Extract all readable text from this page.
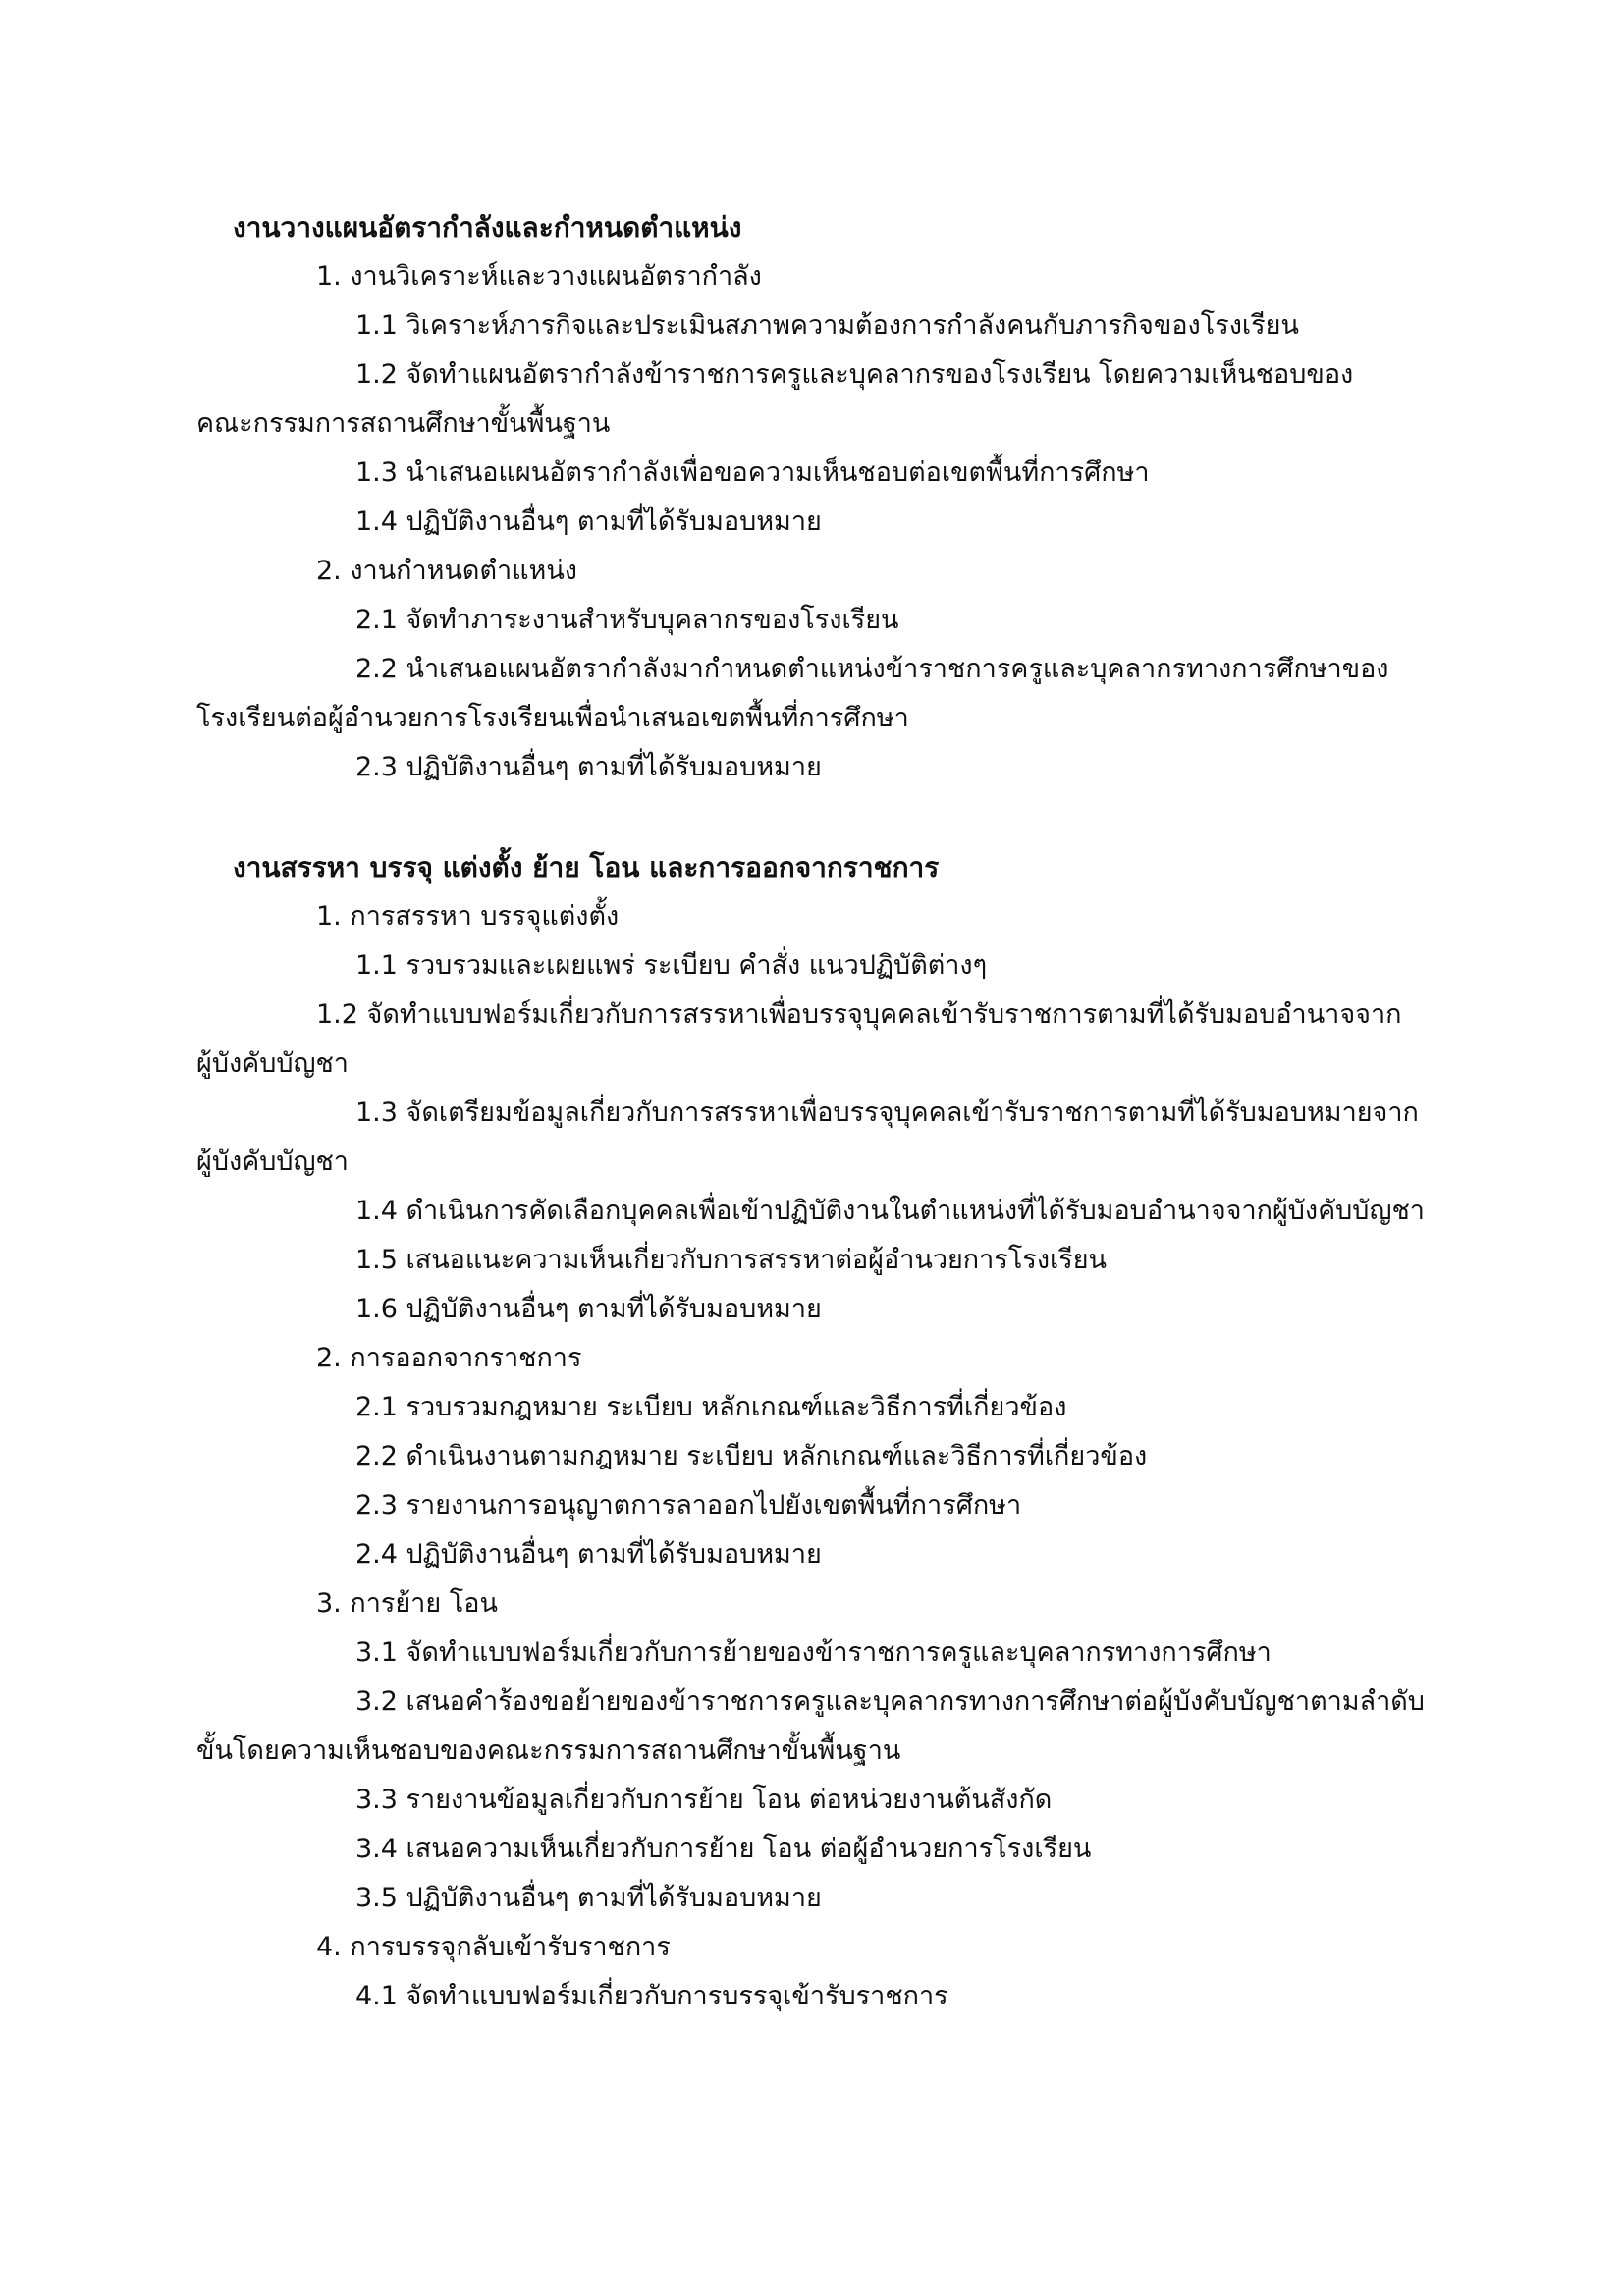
งานวางแผนอัตรากำลังและกำหนดตำแหน่ง
1. งานวิเคราะห์และวางแผนอัตรากำลัง
1.1 วิเคราะห์ภารกิจและประเมินสภาพความต้องการกำลังคนกับภารกิจของโรงเรียน
1.2 จัดทำแผนอัตรากำลังข้าราชการครูและบุคลากรของโรงเรียน โดยความเห็นชอบของ
คณะกรรมการสถานศึกษาขั้นพื้นฐาน
1.3 นำเสนอแผนอัตรากำลังเพื่อขอความเห็นชอบต่อเขตพื้นที่การศึกษา
1.4 ปฏิบัติงานอื่นๆ ตามที่ได้รับมอบหมาย
2. งานกำหนดตำแหน่ง
2.1 จัดทำภาระงานสำหรับบุคลากรของโรงเรียน
2.2 นำเสนอแผนอัตรากำลังมากำหนดตำแหน่งข้าราชการครูและบุคลากรทางการศึกษาของ
โรงเรียนต่อผู้อำนวยการโรงเรียนเพื่อนำเสนอเขตพื้นที่การศึกษา
2.3 ปฏิบัติงานอื่นๆ ตามที่ได้รับมอบหมาย
งานสรรหา บรรจุ แต่งตั้ง ย้าย โอน และการออกจากราชการ
1. การสรรหา บรรจุแต่งตั้ง
1.1 รวบรวมและเผยแพร่ ระเบียบ คำสั่ง แนวปฏิบัติต่างๆ
1.2 จัดทำแบบฟอร์มเกี่ยวกับการสรรหาเพื่อบรรจุบุคคลเข้ารับราชการตามที่ได้รับมอบอำนาจจาก
ผู้บังคับบัญชา
1.3 จัดเตรียมข้อมูลเกี่ยวกับการสรรหาเพื่อบรรจุบุคคลเข้ารับราชการตามที่ได้รับมอบหมายจาก
ผู้บังคับบัญชา
1.4 ดำเนินการคัดเลือกบุคคลเพื่อเข้าปฏิบัติงานในตำแหน่งที่ได้รับมอบอำนาจจากผู้บังคับบัญชา
1.5 เสนอแนะความเห็นเกี่ยวกับการสรรหาต่อผู้อำนวยการโรงเรียน
1.6 ปฏิบัติงานอื่นๆ ตามที่ได้รับมอบหมาย
2. การออกจากราชการ
2.1 รวบรวมกฎหมาย ระเบียบ หลักเกณฑ์และวิธีการที่เกี่ยวข้อง
2.2 ดำเนินงานตามกฎหมาย ระเบียบ หลักเกณฑ์และวิธีการที่เกี่ยวข้อง
2.3 รายงานการอนุญาตการลาออกไปยังเขตพื้นที่การศึกษา
2.4 ปฏิบัติงานอื่นๆ ตามที่ได้รับมอบหมาย
3. การย้าย โอน
3.1 จัดทำแบบฟอร์มเกี่ยวกับการย้ายของข้าราชการครูและบุคลากรทางการศึกษา
3.2 เสนอคำร้องขอย้ายของข้าราชการครูและบุคลากรทางการศึกษาต่อผู้บังคับบัญชาตามลำดับ
ขั้นโดยความเห็นชอบของคณะกรรมการสถานศึกษาขั้นพื้นฐาน
3.3 รายงานข้อมูลเกี่ยวกับการย้าย โอน ต่อหน่วยงานต้นสังกัด
3.4 เสนอความเห็นเกี่ยวกับการย้าย โอน ต่อผู้อำนวยการโรงเรียน
3.5 ปฏิบัติงานอื่นๆ ตามที่ได้รับมอบหมาย
4. การบรรจุกลับเข้ารับราชการ
4.1 จัดทำแบบฟอร์มเกี่ยวกับการบรรจุเข้ารับราชการ
